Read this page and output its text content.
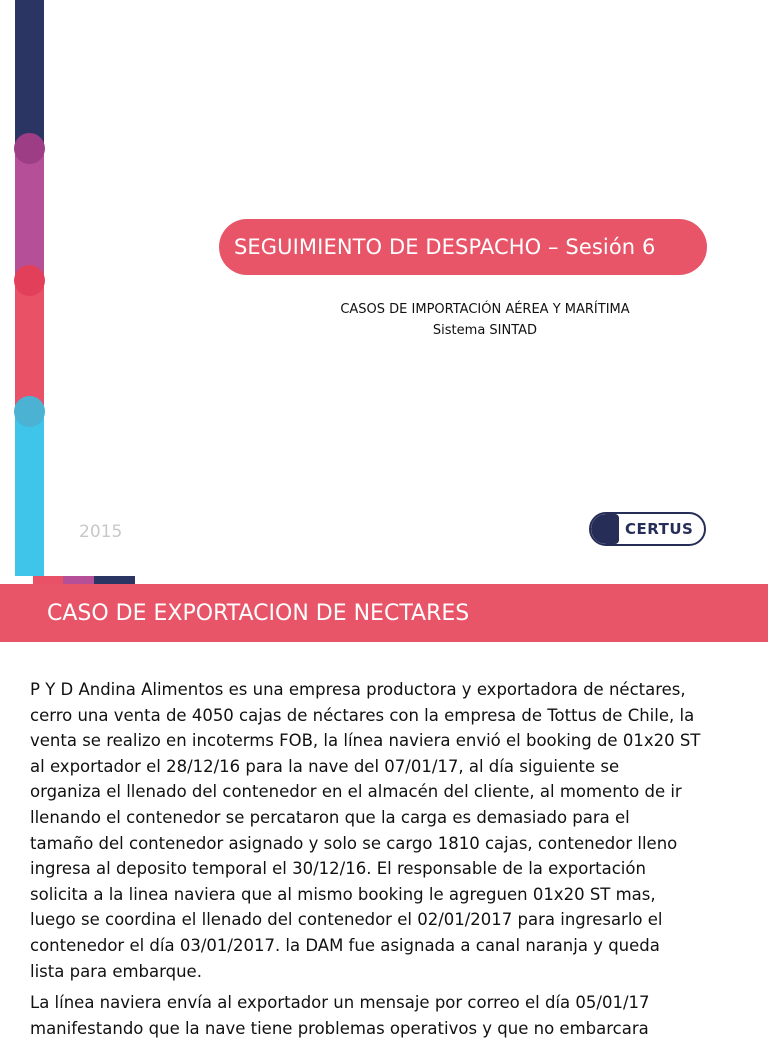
SEGUIMIENTO DE DESPACHO – Sesión 6
CASOS DE IMPORTACIÓN AÉREA Y MARÍTIMA
Sistema SINTAD
2015	CERTUS
CASO DE EXPORTACION DE NECTARES

P Y D Andina Alimentos es una empresa productora y exportadora de néctares,
cerro una venta de 4050 cajas de néctares con la empresa de Tottus de Chile, la
venta se realizo en incoterms FOB, la línea naviera envió el booking de 01x20 ST
al exportador el 28/12/16 para la nave del 07/01/17, al día siguiente se
organiza el llenado del contenedor en el almacén del cliente, al momento de ir
llenando el contenedor se percataron que la carga es demasiado para el
tamaño del contenedor asignado y solo se cargo 1810 cajas, contenedor lleno
ingresa al deposito temporal el 30/12/16. El responsable de la exportación
solicita a la linea naviera que al mismo booking le agreguen 01x20 ST mas,
luego se coordina el llenado del contenedor el 02/01/2017 para ingresarlo el
contenedor el día 03/01/2017. la DAM fue asignada a canal naranja y queda
lista para embarque.

La línea naviera envía al exportador un mensaje por correo el día 05/01/17
manifestando que la nave tiene problemas operativos y que no embarcara
